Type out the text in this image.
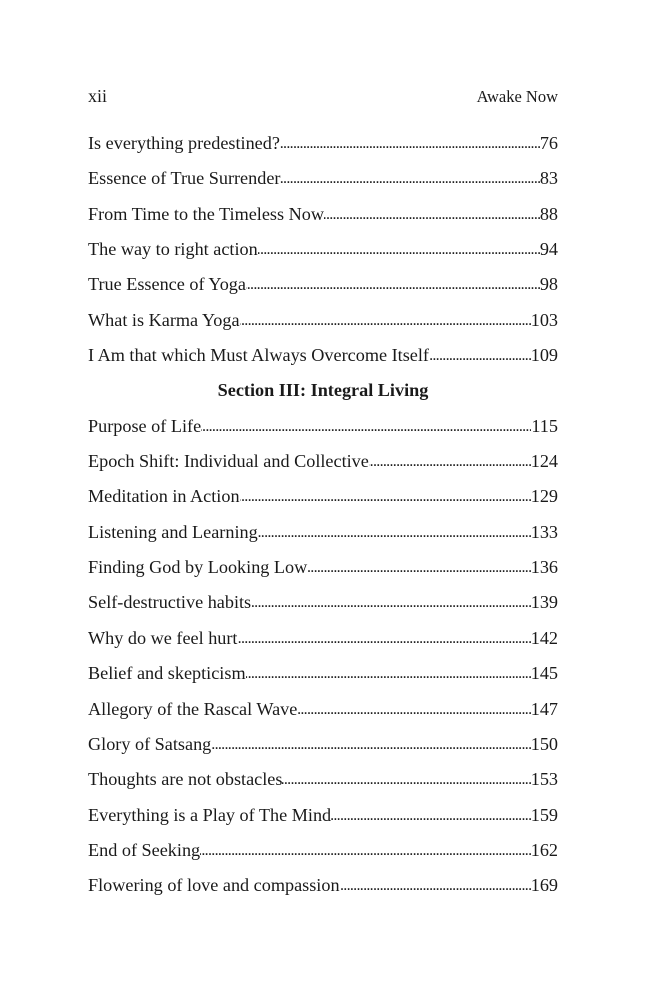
xii	Awake Now
Is everything predestined? . . .	76
Essence of True Surrender . . .	83
From Time to the Timeless Now . . .	88
The way to right action . . .	94
True Essence of Yoga . . .	98
What is Karma Yoga . . .	103
I Am that which Must Always Overcome Itself . . .	109
Section III: Integral Living
Purpose of Life . . .	115
Epoch Shift: Individual and Collective . . .	124
Meditation in Action . . .	129
Listening and Learning . . .	133
Finding God by Looking Low . . .	136
Self-destructive habits . . .	139
Why do we feel hurt . . .	142
Belief and skepticism . . .	145
Allegory of the Rascal Wave . . .	147
Glory of Satsang . . .	150
Thoughts are not obstacles . . .	153
Everything is a Play of The Mind . . .	159
End of Seeking . . .	162
Flowering of love and compassion . . .	169
